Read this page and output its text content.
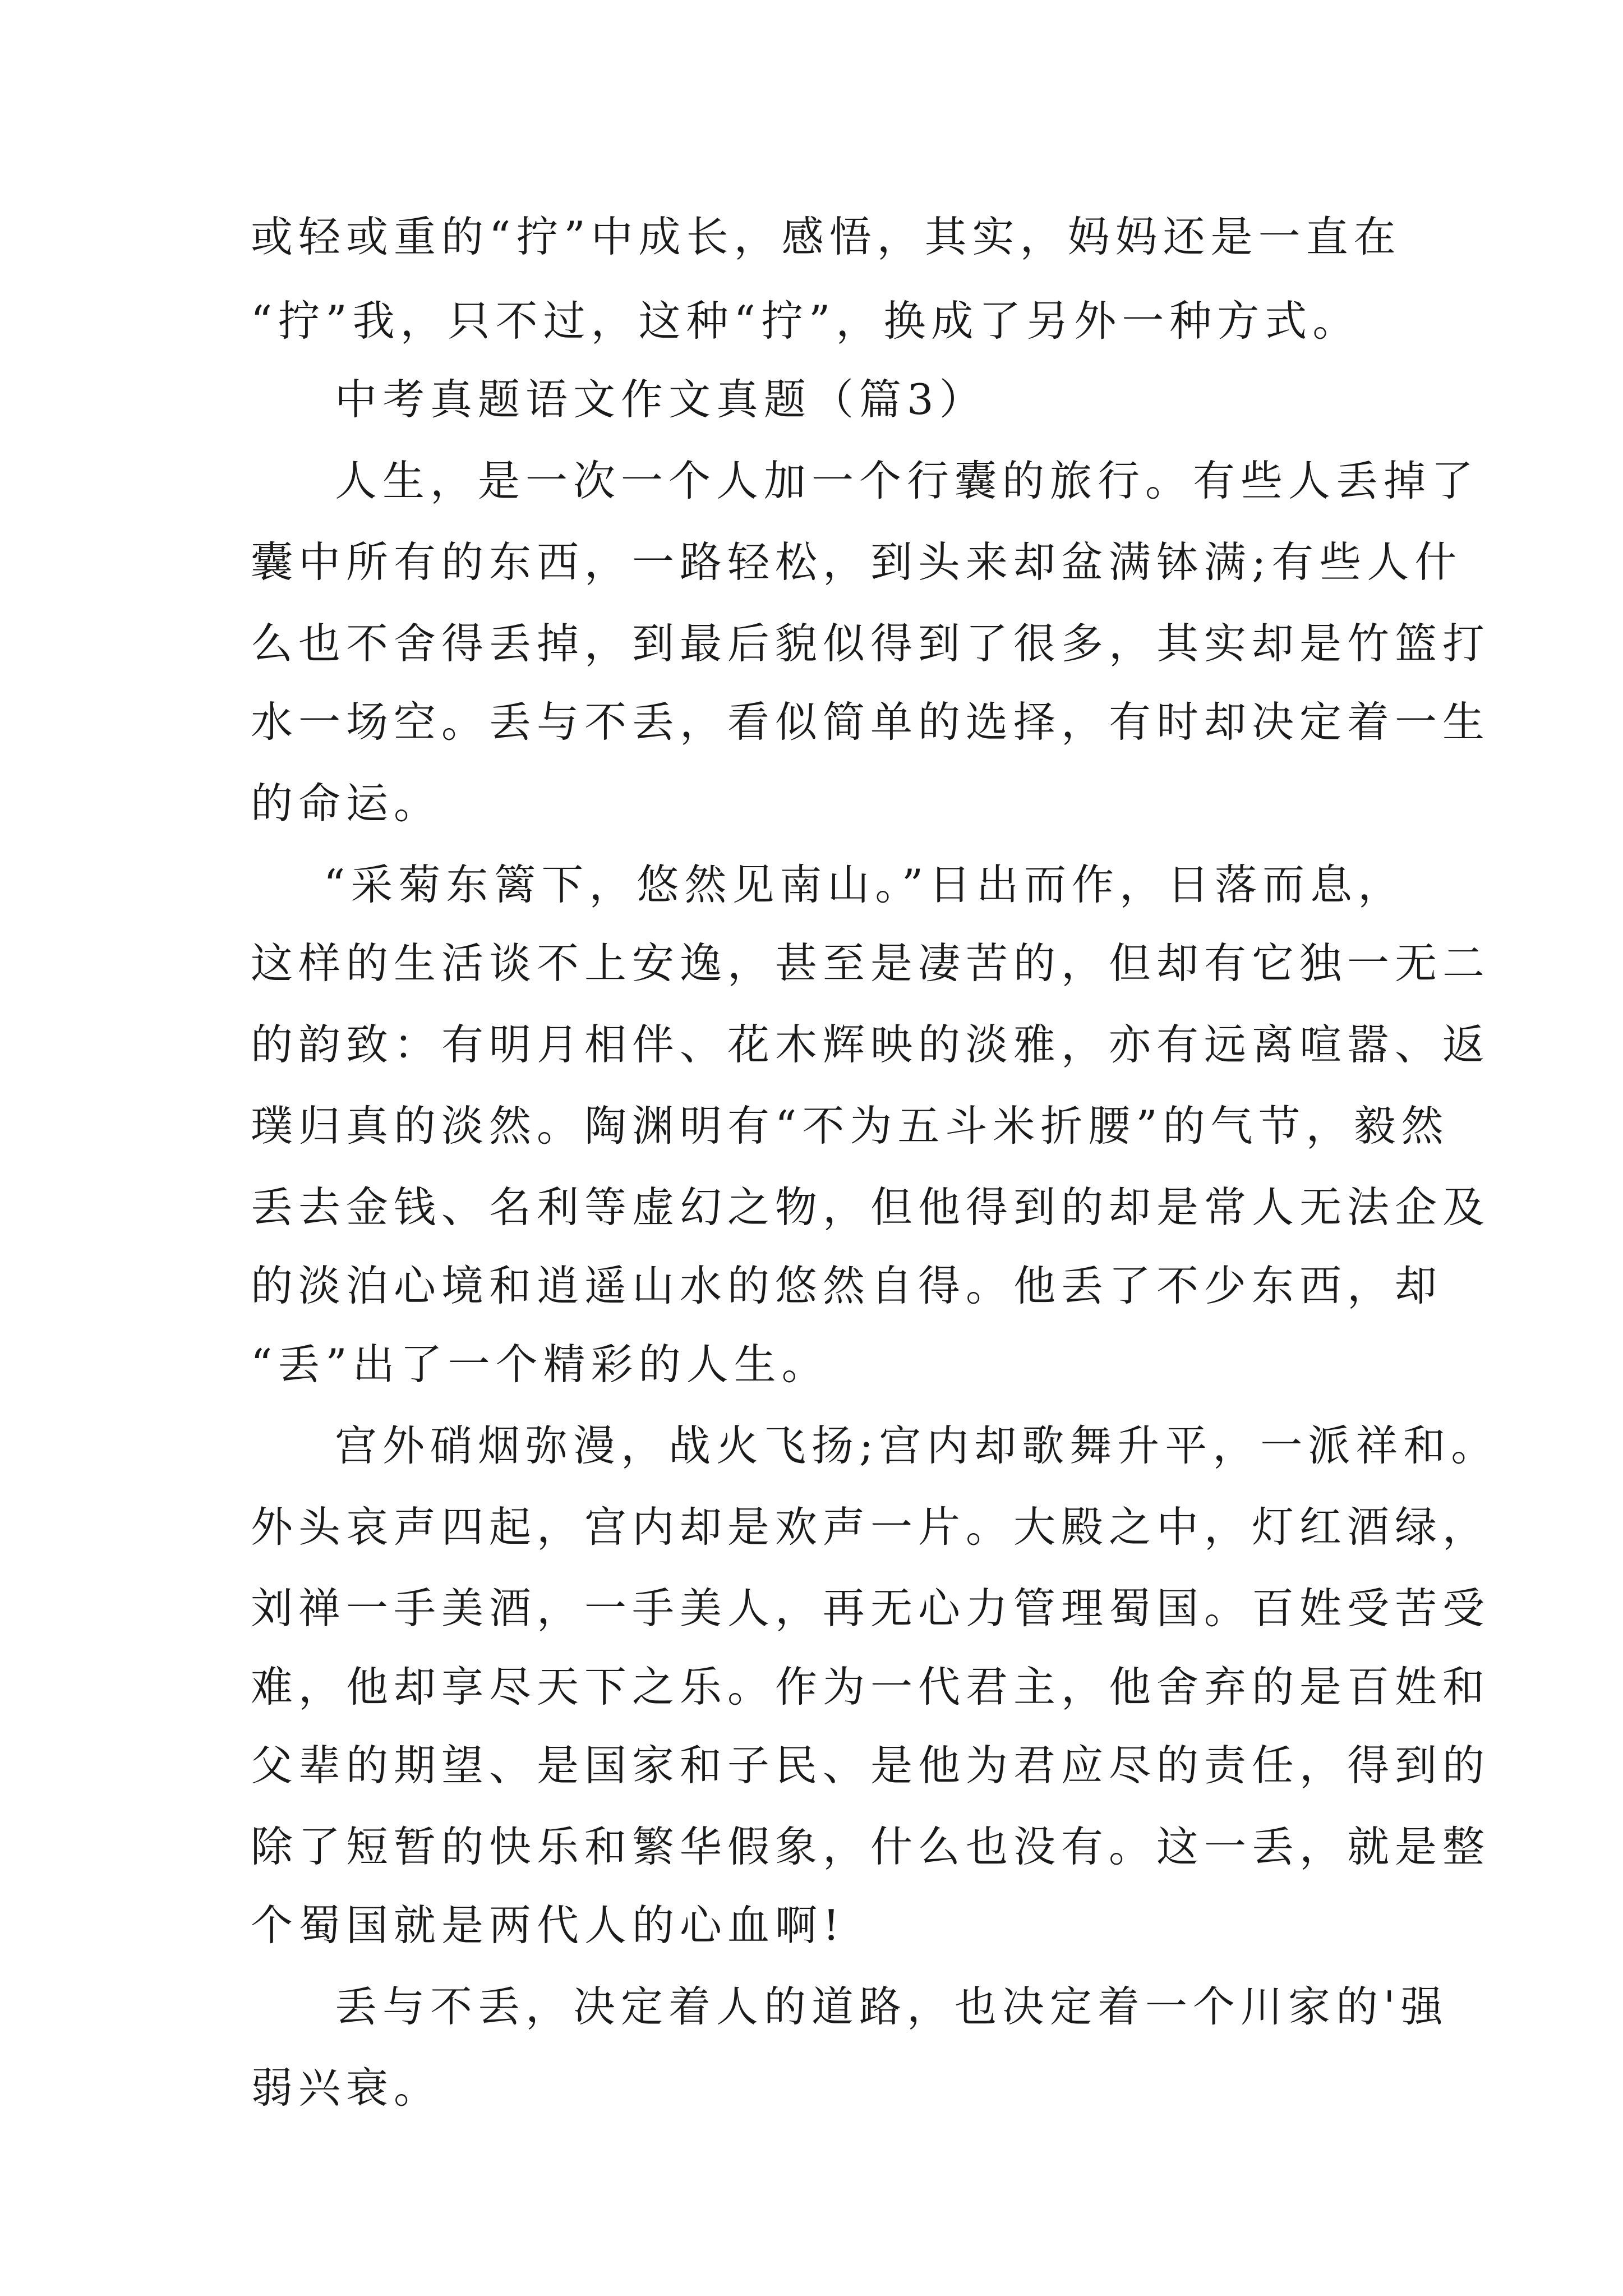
或轻或重的“拧”中成长，感悟，其实，妈妈还是一直在
“拧”我，只不过，这种“拧”，换成了另外一种方式。
中考真题语文作文真题（篇3）
人生，是一次一个人加一个行囊的旅行。有些人丢掉了
囊中所有的东西，一路轻松，到头来却盆满钵满;有些人什
么也不舍得丢掉，到最后貌似得到了很多，其实却是竹篮打
水一场空。丢与不丢，看似简单的选择，有时却决定着一生
的命运。
“采菊东篱下，悠然见南山。”日出而作，日落而息，
这样的生活谈不上安逸，甚至是凄苦的，但却有它独一无二
的韵致：有明月相伴、花木辉映的淡雅，亦有远离喧嚣、返
璞归真的淡然。陶渊明有“不为五斗米折腰”的气节，毅然
丢去金钱、名利等虚幻之物，但他得到的却是常人无法企及
的淡泊心境和逍遥山水的悠然自得。他丢了不少东西，却
“丢”出了一个精彩的人生。
宫外硝烟弥漫，战火飞扬;宫内却歌舞升平，一派祥和。
外头哀声四起，宫内却是欢声一片。大殿之中，灯红酒绿，
刘禅一手美酒，一手美人，再无心力管理蜀国。百姓受苦受
难，他却享尽天下之乐。作为一代君主，他舍弃的是百姓和
父辈的期望、是国家和子民、是他为君应尽的责任，得到的
除了短暂的快乐和繁华假象，什么也没有。这一丢，就是整
个蜀国就是两代人的心血啊!
丢与不丢，决定着人的道路，也决定着一个川家的'强
弱兴衰。
